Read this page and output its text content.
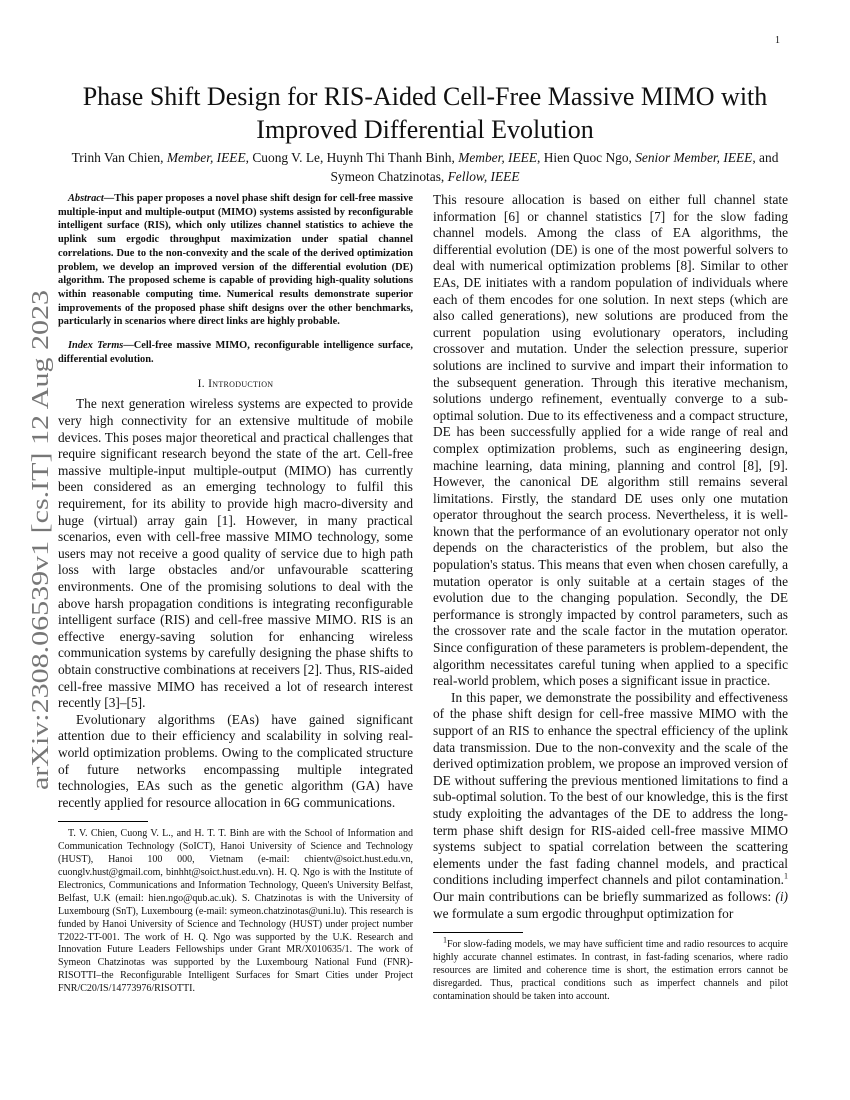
1
arXiv:2308.06539v1 [cs.IT] 12 Aug 2023
Phase Shift Design for RIS-Aided Cell-Free Massive MIMO with Improved Differential Evolution
Trinh Van Chien, Member, IEEE, Cuong V. Le, Huynh Thi Thanh Binh, Member, IEEE, Hien Quoc Ngo, Senior Member, IEEE, and Symeon Chatzinotas, Fellow, IEEE

Abstract—This paper proposes a novel phase shift design for cell-free massive multiple-input and multiple-output (MIMO) systems assisted by reconfigurable intelligent surface (RIS), which only utilizes channel statistics to achieve the uplink sum ergodic throughput maximization under spatial channel correlations. Due to the non-convexity and the scale of the derived optimization problem, we develop an improved version of the differential evolution (DE) algorithm. The proposed scheme is capable of providing high-quality solutions within reasonable computing time. Numerical results demonstrate superior improvements of the proposed phase shift designs over the other benchmarks, particularly in scenarios where direct links are highly probable.

Index Terms—Cell-free massive MIMO, reconfigurable intelligence surface, differential evolution.

I. Introduction

The next generation wireless systems are expected to provide very high connectivity for an extensive multitude of mobile devices. This poses major theoretical and practical challenges that require significant research beyond the state of the art. Cell-free massive multiple-input multiple-output (MIMO) has currently been considered as an emerging technology to fulfil this requirement, for its ability to provide high macro-diversity and huge (virtual) array gain [1]. However, in many practical scenarios, even with cell-free massive MIMO technology, some users may not receive a good quality of service due to high path loss with large obstacles and/or unfavourable scattering environments. One of the promising solutions to deal with the above harsh propagation conditions is integrating reconfigurable intelligent surface (RIS) and cell-free massive MIMO. RIS is an effective energy-saving solution for enhancing wireless communication systems by carefully designing the phase shifts to obtain constructive combinations at receivers [2]. Thus, RIS-aided cell-free massive MIMO has received a lot of research interest recently [3]–[5].

Evolutionary algorithms (EAs) have gained significant attention due to their efficiency and scalability in solving real-world optimization problems. Owing to the complicated structure of future networks encompassing multiple integrated technologies, EAs such as the genetic algorithm (GA) have recently applied for resource allocation in 6G communications.

T. V. Chien, Cuong V. L., and H. T. T. Binh are with the School of Information and Communication Technology (SoICT), Hanoi University of Science and Technology (HUST), Hanoi 100 000, Vietnam (e-mail: chientv@soict.hust.edu.vn, cuonglv.hust@gmail.com, binhht@soict.hust.edu.vn). H. Q. Ngo is with the Institute of Electronics, Communications and Information Technology, Queen's University Belfast, Belfast, U.K (email: hien.ngo@qub.ac.uk). S. Chatzinotas is with the University of Luxembourg (SnT), Luxembourg (e-mail: symeon.chatzinotas@uni.lu). This research is funded by Hanoi University of Science and Technology (HUST) under project number T2022-TT-001. The work of H. Q. Ngo was supported by the U.K. Research and Innovation Future Leaders Fellowships under Grant MR/X010635/1. The work of Symeon Chatzinotas was supported by the Luxembourg National Fund (FNR)-RISOTTI–the Reconfigurable Intelligent Surfaces for Smart Cities under Project FNR/C20/IS/14773976/RISOTTI.

This resoure allocation is based on either full channel state information [6] or channel statistics [7] for the slow fading channel models. Among the class of EA algorithms, the differential evolution (DE) is one of the most powerful solvers to deal with numerical optimization problems [8]. Similar to other EAs, DE initiates with a random population of individuals where each of them encodes for one solution. In next steps (which are also called generations), new solutions are produced from the current population using evolutionary operators, including crossover and mutation. Under the selection pressure, superior solutions are inclined to survive and impart their information to the subsequent generation. Through this iterative mechanism, solutions undergo refinement, eventually converge to a sub-optimal solution. Due to its effectiveness and a compact structure, DE has been successfully applied for a wide range of real and complex optimization problems, such as engineering design, machine learning, data mining, planning and control [8], [9]. However, the canonical DE algorithm still remains several limitations. Firstly, the standard DE uses only one mutation operator throughout the search process. Nevertheless, it is well-known that the performance of an evolutionary operator not only depends on the characteristics of the problem, but also the population's status. This means that even when chosen carefully, a mutation operator is only suitable at a certain stages of the evolution due to the changing population. Secondly, the DE performance is strongly impacted by control parameters, such as the crossover rate and the scale factor in the mutation operator. Since configuration of these parameters is problem-dependent, the algorithm necessitates careful tuning when applied to a specific real-world problem, which poses a significant issue in practice.

In this paper, we demonstrate the possibility and effectiveness of the phase shift design for cell-free massive MIMO with the support of an RIS to enhance the spectral efficiency of the uplink data transmission. Due to the non-convexity and the scale of the derived optimization problem, we propose an improved version of DE without suffering the previous mentioned limitations to find a sub-optimal solution. To the best of our knowledge, this is the first study exploiting the advantages of the DE to address the long-term phase shift design for RIS-aided cell-free massive MIMO systems subject to spatial correlation between the scattering elements under the fast fading channel models, and practical conditions including imperfect channels and pilot contamination.$^1$ Our main contributions can be briefly summarized as follows: (i) we formulate a sum ergodic throughput optimization for

$^1$For slow-fading models, we may have sufficient time and radio resources to acquire highly accurate channel estimates. In contrast, in fast-fading scenarios, where radio resources are limited and coherence time is short, the estimation errors cannot be disregarded. Thus, practical conditions such as imperfect channels and pilot contamination should be taken into account.
